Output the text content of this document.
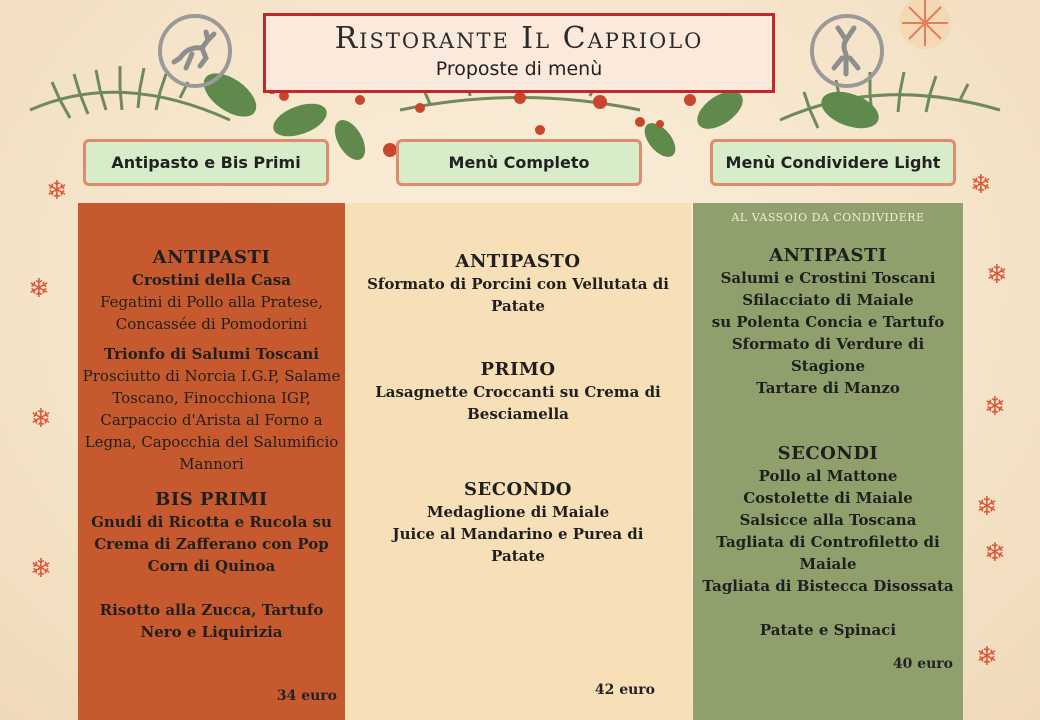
Ristorante Il Capriolo
Proposte di menù
Antipasto e Bis Primi	Menù Completo	Menù Condividere Light
ANTIPASTI
Crostini della Casa
Fegatini di Pollo alla Pratese,
Concassée di Pomodorini
Trionfo di Salumi Toscani
Prosciutto di Norcia I.G.P, Salame
Toscano, Finocchiona IGP,
Carpaccio d'Arista al Forno a
Legna, Capocchia del Salumificio
Mannori
BIS PRIMI
Gnudi di Ricotta e Rucola su
Crema di Zafferano con Pop
Corn di Quinoa
Risotto alla Zucca, Tartufo
Nero e Liquirizia
34 euro
ANTIPASTO
Sformato di Porcini con Vellutata di
Patate
PRIMO
Lasagnette Croccanti su Crema di
Besciamella
SECONDO
Medaglione di Maiale
Juice al Mandarino e Purea di
Patate
42 euro
AL VASSOIO DA CONDIVIDERE
ANTIPASTI
Salumi e Crostini Toscani
Sfilacciato di Maiale
su Polenta Concia e Tartufo
Sformato di Verdure di Stagione
Tartare di Manzo
SECONDI
Pollo al Mattone
Costolette di Maiale
Salsicce alla Toscana
Tagliata di Controfiletto di
Maiale
Tagliata di Bistecca Disossata
Patate e Spinaci
40 euro
❄
❄
❄
❄
❄
❄
❄
❄
❄
❄
